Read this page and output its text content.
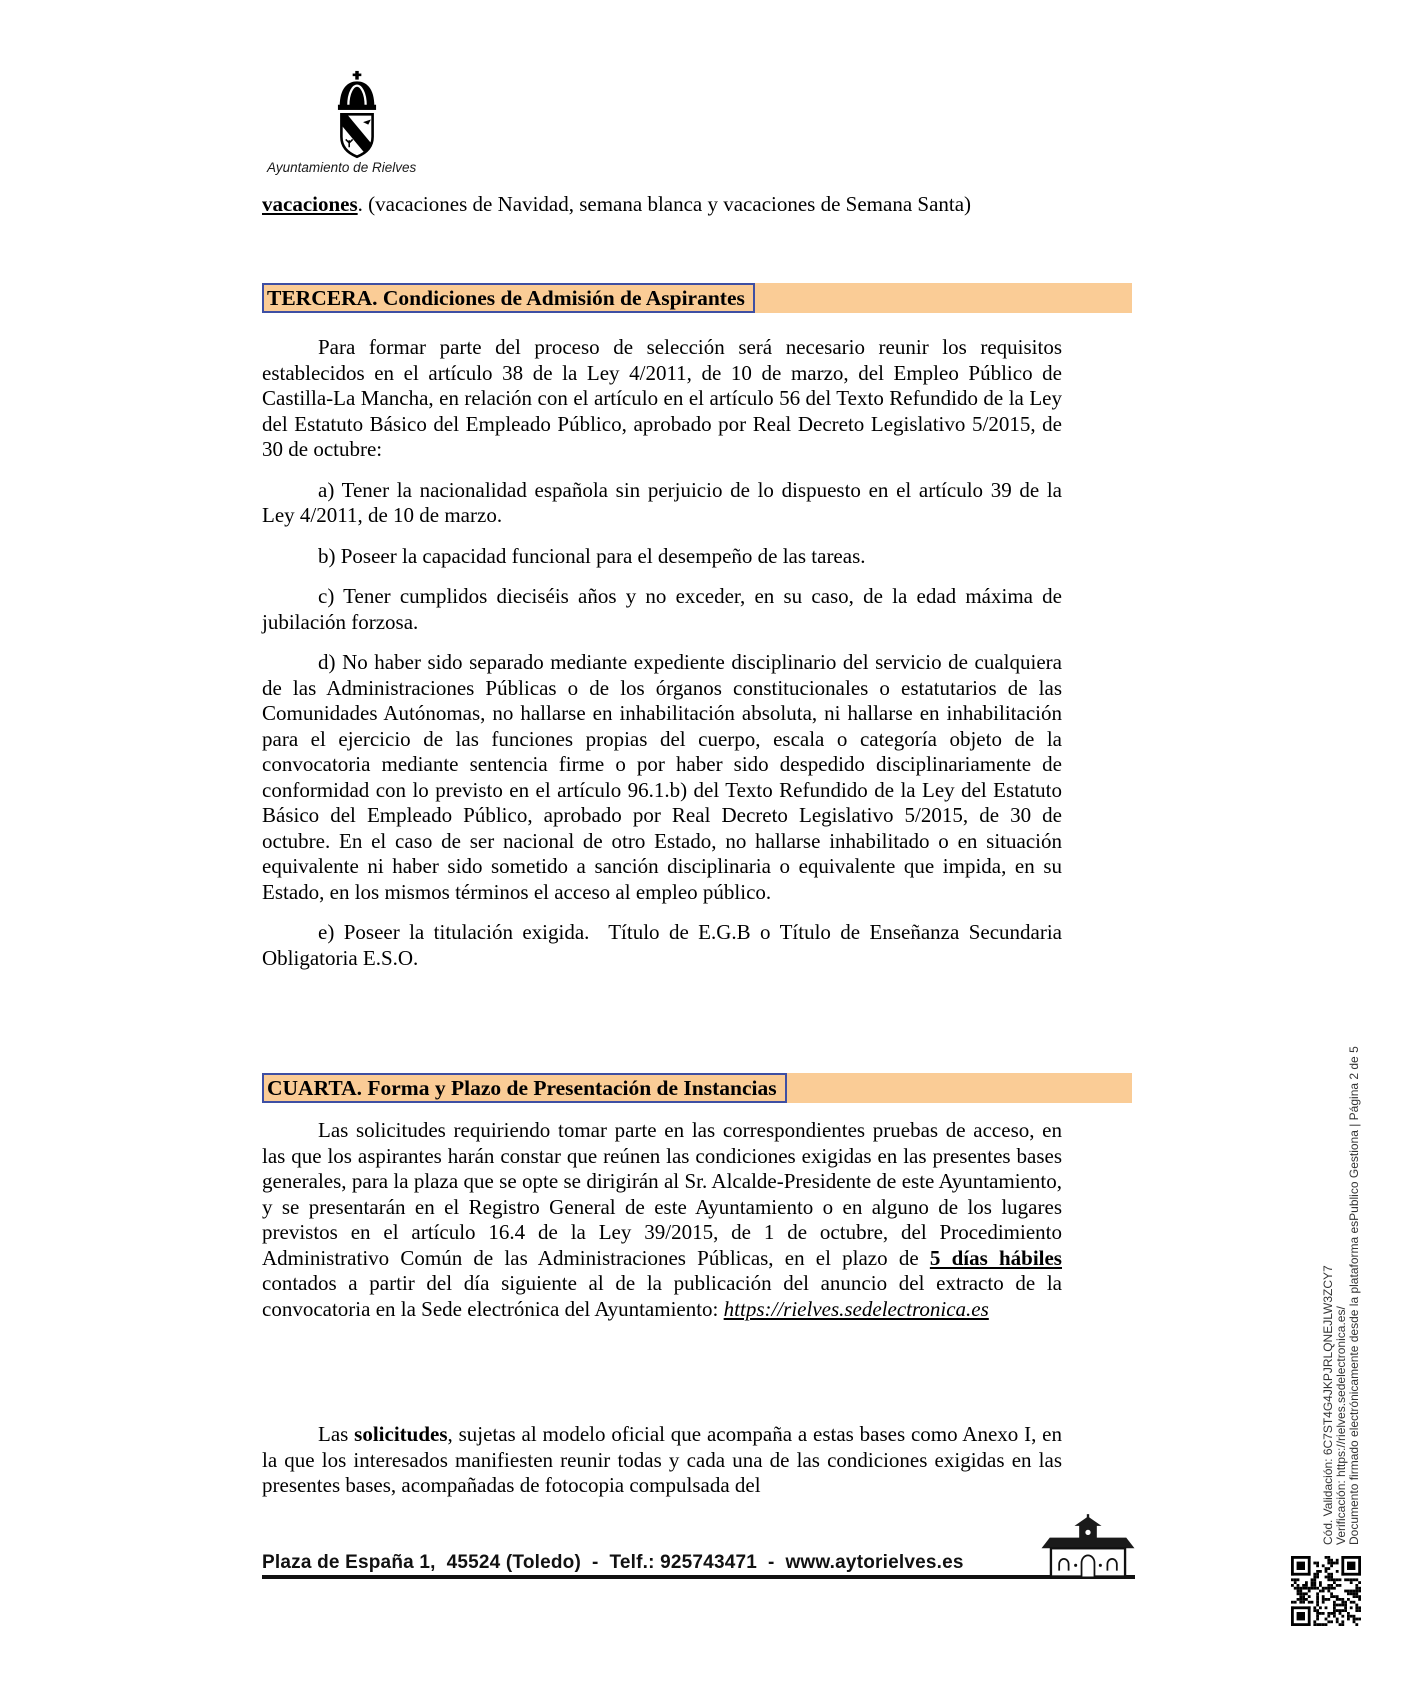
Ayuntamiento de Rielves
vacaciones. (vacaciones de Navidad, semana blanca y vacaciones de Semana Santa)
TERCERA. Condiciones de Admisión de Aspirantes

Para formar parte del proceso de selección será necesario reunir los requisitos establecidos en el artículo 38 de la Ley 4/2011, de 10 de marzo, del Empleo Público de Castilla-La Mancha, en relación con el artículo en el artículo 56 del Texto Refundido de la Ley del Estatuto Básico del Empleado Público, aprobado por Real Decreto Legislativo 5/2015, de 30 de octubre:

a) Tener la nacionalidad española sin perjuicio de lo dispuesto en el artículo 39 de la Ley 4/2011, de 10 de marzo.

b) Poseer la capacidad funcional para el desempeño de las tareas.

c) Tener cumplidos dieciséis años y no exceder, en su caso, de la edad máxima de jubilación forzosa.

d) No haber sido separado mediante expediente disciplinario del servicio de cualquiera de las Administraciones Públicas o de los órganos constitucionales o estatutarios de las Comunidades Autónomas, no hallarse en inhabilitación absoluta, ni hallarse en inhabilitación para el ejercicio de las funciones propias del cuerpo, escala o categoría objeto de la convocatoria mediante sentencia firme o por haber sido despedido disciplinariamente de conformidad con lo previsto en el artículo 96.1.b) del Texto Refundido de la Ley del Estatuto Básico del Empleado Público, aprobado por Real Decreto Legislativo 5/2015, de 30 de octubre. En el caso de ser nacional de otro Estado, no hallarse inhabilitado o en situación equivalente ni haber sido sometido a sanción disciplinaria o equivalente que impida, en su Estado, en los mismos términos el acceso al empleo público.

e) Poseer la titulación exigida.  Título de E.G.B o Título de Enseñanza Secundaria Obligatoria E.S.O.

CUARTA. Forma y Plazo de Presentación de Instancias

Las solicitudes requiriendo tomar parte en las correspondientes pruebas de acceso, en las que los aspirantes harán constar que reúnen las condiciones exigidas en las presentes bases generales, para la plaza que se opte se dirigirán al Sr. Alcalde-Presidente de este Ayuntamiento, y se presentarán en el Registro General de este Ayuntamiento o en alguno de los lugares previstos en el artículo 16.4 de la Ley 39/2015, de 1 de octubre, del Procedimiento Administrativo Común de las Administraciones Públicas, en el plazo de 5 días hábiles contados a partir del día siguiente al de la publicación del anuncio del extracto de la convocatoria en la Sede electrónica del Ayuntamiento: https://rielves.sedelectronica.es

Las solicitudes, sujetas al modelo oficial que acompaña a estas bases como Anexo I, en la que los interesados manifiesten reunir todas y cada una de las condiciones exigidas en las presentes bases, acompañadas de fotocopia compulsada del

Plaza de España 1,  45524 (Toledo)  -  Telf.: 925743471  -  www.aytorielves.es
Cód. Validación: 6C7ST4G4JKPJRLQNEJLW3ZCY7 Verificación: https://rielves.sedelectronica.es/ Documento firmado electrónicamente desde la plataforma esPublico Gestiona | Página 2 de 5
